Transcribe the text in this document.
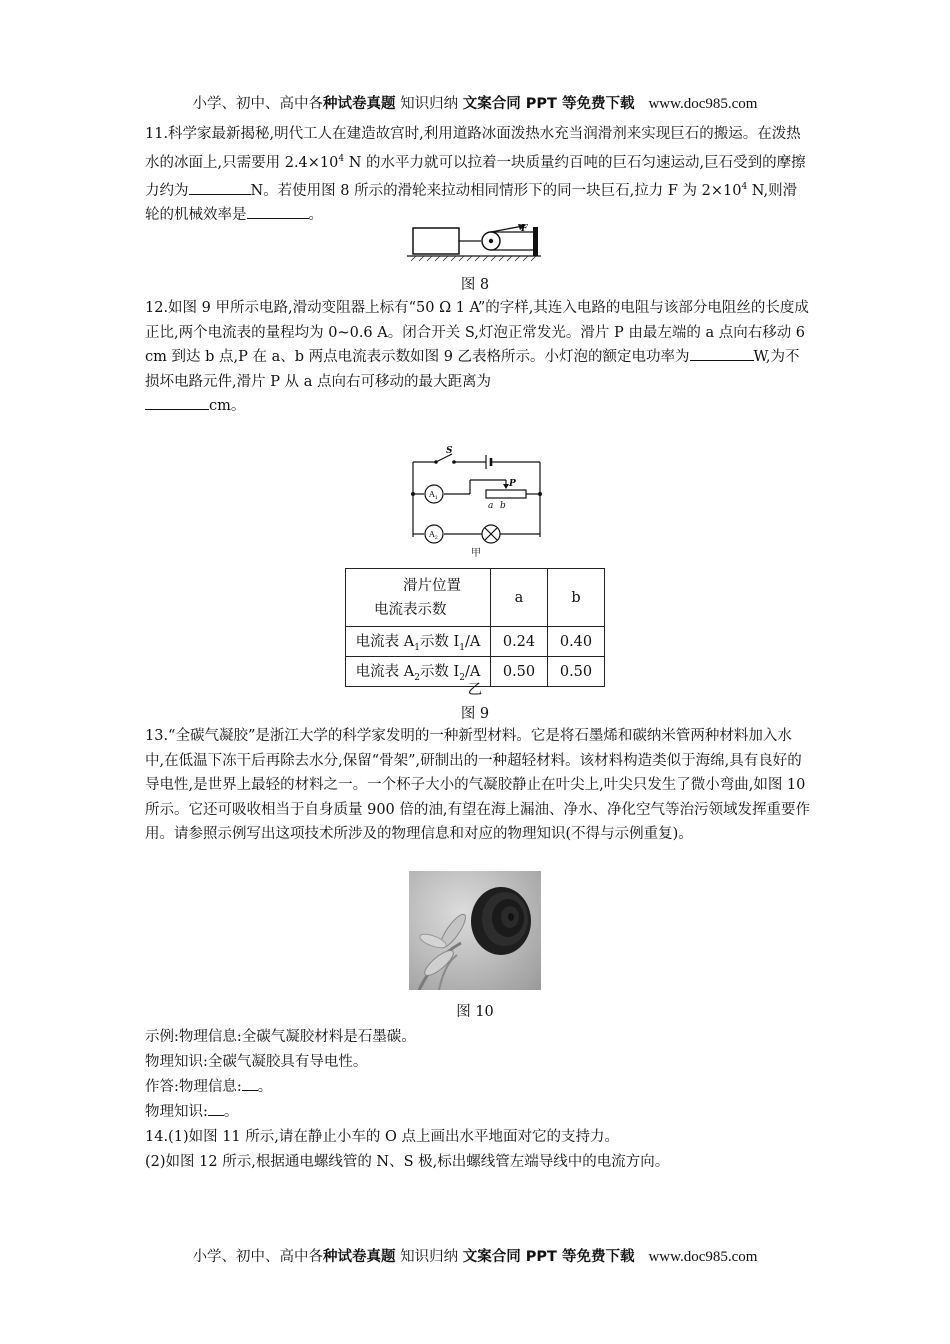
小学、初中、高中各种试卷真题 知识归纳 文案合同 PPT 等免费下载 www.doc985.com

11.科学家最新揭秘,明代工人在建造故宫时,利用道路冰面泼热水充当润滑剂来实现巨石的搬运。在泼热水的冰面上,只需要用 $2.4\times 10^4$ N 的水平力就可以拉着一块质量约百吨的巨石匀速运动,巨石受到的摩擦力约为	N。若使用图 8 所示的滑轮来拉动相同情形下的同一块巨石,拉力 F 为 $2\times 10^4$ N,则滑轮的机械效率是	。

F
图 8

12.如图 9 甲所示电路,滑动变阻器上标有“50 Ω 1 A”的字样,其连入电路的电阻与该部分电阻丝的长度成正比,两个电流表的量程均为 0~0.6 A。闭合开关 S,灯泡正常发光。滑片 P 由最左端的 a 点向右移动 6 cm 到达 b 点,P 在 a、b 两点电流表示数如图 9 乙表格所示。小灯泡的额定电功率为	W,为不损坏电路元件,滑片 P 从 a 点向右可移动的最大距离为
cm。

S
P
a b
$A_1$
$A_2$
甲
滑片位置
电流表示数	a	b
电流表 $A_1$示数 $I_1/A$	0.24	0.40
电流表 $A_2$示数 $I_2/A$	0.50	0.50
乙
图 9

13.“全碳气凝胶”是浙江大学的科学家发明的一种新型材料。它是将石墨烯和碳纳米管两种材料加入水中,在低温下冻干后再除去水分,保留“骨架”,研制出的一种超轻材料。该材料构造类似于海绵,具有良好的导电性,是世界上最轻的材料之一。一个杯子大小的气凝胶静止在叶尖上,叶尖只发生了微小弯曲,如图 10 所示。它还可吸收相当于自身质量 900 倍的油,有望在海上漏油、净水、净化空气等治污领域发挥重要作用。请参照示例写出这项技术所涉及的物理信息和对应的物理知识(不得与示例重复)。

图 10
示例:物理信息:全碳气凝胶材料是石墨碳。
物理知识:全碳气凝胶具有导电性。
作答:物理信息: 。
物理知识: 。
14.(1)如图 11 所示,请在静止小车的 O 点上画出水平地面对它的支持力。
(2)如图 12 所示,根据通电螺线管的 N、S 极,标出螺线管左端导线中的电流方向。
小学、初中、高中各种试卷真题 知识归纳 文案合同 PPT 等免费下载 www.doc985.com
